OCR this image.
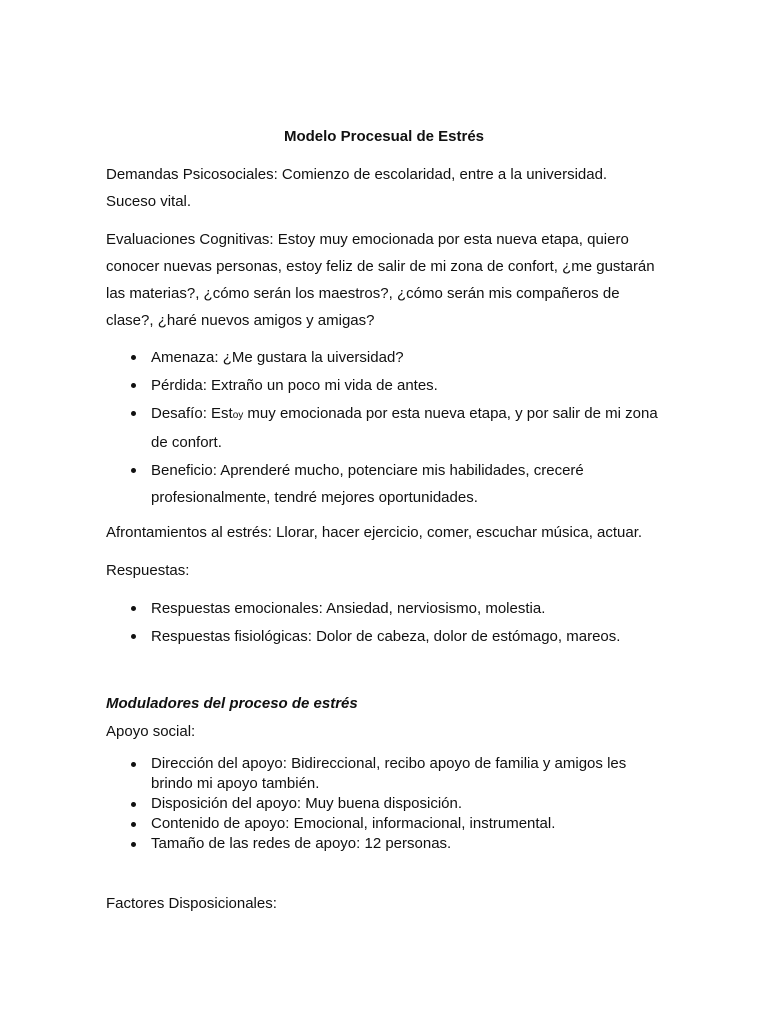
Modelo Procesual de Estrés

Demandas Psicosociales: Comienzo de escolaridad, entre a la universidad.

Suceso vital.

Evaluaciones Cognitivas: Estoy muy emocionada por esta nueva etapa, quiero conocer nuevas personas, estoy feliz de salir de mi zona de confort, ¿me gustarán las materias?, ¿cómo serán los maestros?, ¿cómo serán mis compañeros de clase?, ¿haré nuevos amigos y amigas?

Amenaza: ¿Me gustara la uiversidad?
Pérdida: Extraño un poco mi vida de antes.
Desafío: Estoy muy emocionada por esta nueva etapa, y por salir de mi zona de confort.
Beneficio: Aprenderé mucho, potenciare mis habilidades, creceré profesionalmente, tendré mejores oportunidades.

Afrontamientos al estrés: Llorar, hacer ejercicio, comer, escuchar música, actuar.

Respuestas:

Respuestas emocionales: Ansiedad, nerviosismo, molestia.
Respuestas fisiológicas: Dolor de cabeza, dolor de estómago, mareos.
Moduladores del proceso de estrés

Apoyo social:

Dirección del apoyo: Bidireccional, recibo apoyo de familia y amigos les brindo mi apoyo también.
Disposición del apoyo: Muy buena disposición.
Contenido de apoyo: Emocional, informacional, instrumental.
Tamaño de las redes de apoyo: 12 personas.

Factores Disposicionales:
